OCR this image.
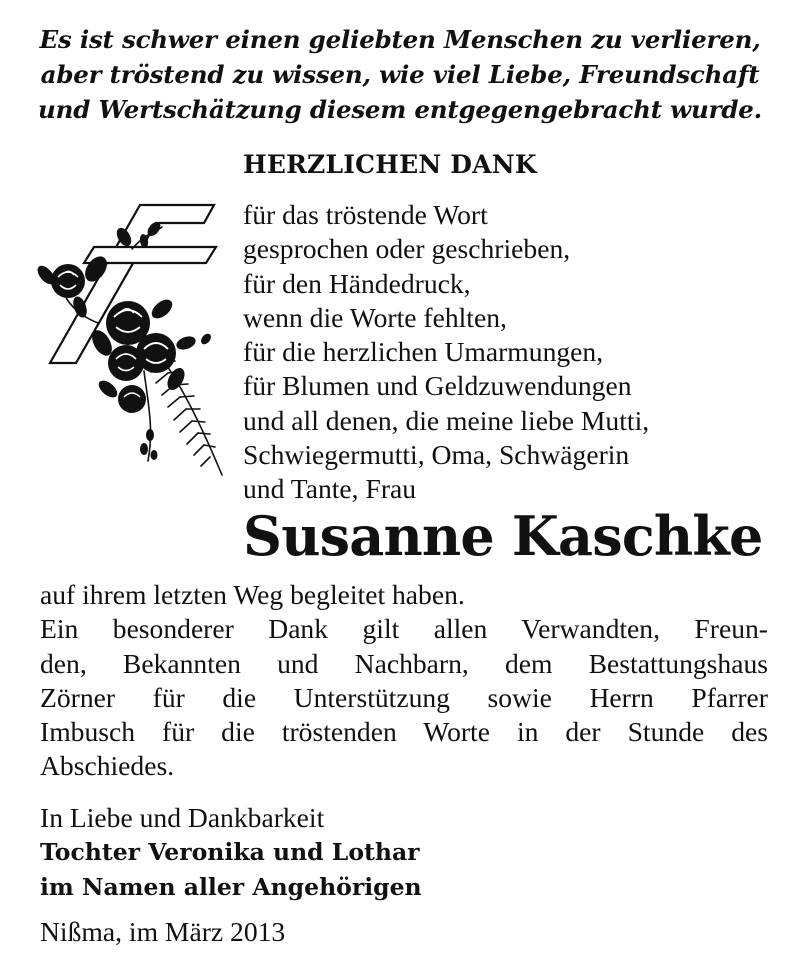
Es ist schwer einen geliebten Menschen zu verlieren,
aber tröstend zu wissen, wie viel Liebe, Freundschaft
und Wertschätzung diesem entgegengebracht wurde.
HERZLICHEN DANK
für das tröstende Wort
gesprochen oder geschrieben,
für den Händedruck,
wenn die Worte fehlten,
für die herzlichen Umarmungen,
für Blumen und Geldzuwendungen
und all denen, die meine liebe Mutti,
Schwiegermutti, Oma, Schwägerin
und Tante, Frau
Susanne Kaschke
auf ihrem letzten Weg begleitet haben.
Ein besonderer Dank gilt allen Verwandten, Freun-
den, Bekannten und Nachbarn, dem Bestattungshaus
Zörner für die Unterstützung sowie Herrn Pfarrer
Imbusch für die tröstenden Worte in der Stunde des
Abschiedes.
In Liebe und Dankbarkeit
Tochter Veronika und Lothar
im Namen aller Angehörigen
Nißma, im März 2013
